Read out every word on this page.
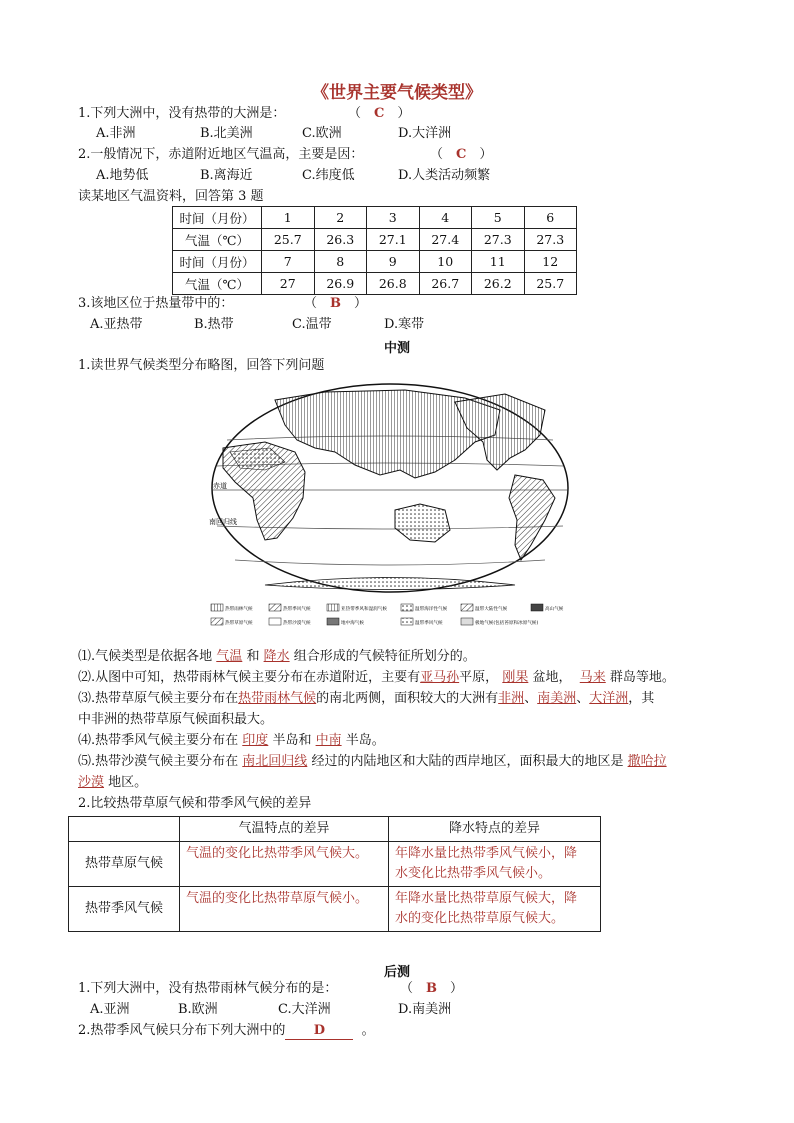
《世界主要气候类型》
1.下列大洲中，没有热带的大洲是：	（　C　）
A.非洲	B.北美洲	C.欧洲	D.大洋洲
2.一般情况下，赤道附近地区气温高，主要是因：	（　C　）
A.地势低	B.离海近	C.纬度低	D.人类活动频繁
读某地区气温资料，回答第 3 题
时间（月份）	1	2	3	4	5	6
气温（℃）	25.7	26.3	27.1	27.4	27.3	27.3
时间（月份）	7	8	9	10	11	12
气温（℃）	27	26.9	26.8	26.7	26.2	25.7
3.该地区位于热量带中的：	（　B　）
A.亚热带	B.热带	C.温带	D.寒带
中测
1.读世界气候类型分布略图，回答下列问题
赤道
南回归线
热带雨林气候	热带季风气候	亚热带季风和湿润气候	温带海洋性气候	温带大陆性气候	高山气候
热带草原气候	热带沙漠气候	地中海气候	温带季风气候	极地气候(包括苔原和冰原气候)
⑴.气候类型是依据各地 气温 和 降水 组合形成的气候特征所划分的。
⑵.从图中可知，热带雨林气候主要分布在赤道附近，主要有亚马孙平原， 刚果 盆地， 马来 群岛等地。
⑶.热带草原气候主要分布在热带雨林气候的南北两侧，面积较大的大洲有非洲、南美洲、大洋洲，其
中非洲的热带草原气候面积最大。
⑷.热带季风气候主要分布在 印度 半岛和 中南 半岛。
⑸.热带沙漠气候主要分布在 南北回归线 经过的内陆地区和大陆的西岸地区，面积最大的地区是 撒哈拉
沙漠 地区。
2.比较热带草原气候和带季风气候的差异
	气温特点的差异	降水特点的差异
热带草原气候	气温的变化比热带季风气候大。	年降水量比热带季风气候小，降
水变化比热带季风气候小。

热带季风气候	气温的变化比热带草原气候小。	年降水量比热带草原气候大，降
水的变化比热带草原气候大。
后测
1.下列大洲中，没有热带雨林气候分布的是：	（　B　）
A.亚洲	B.欧洲	C.大洋洲	D.南美洲
2.热带季风气候只分布下列大洲中的 D	。
